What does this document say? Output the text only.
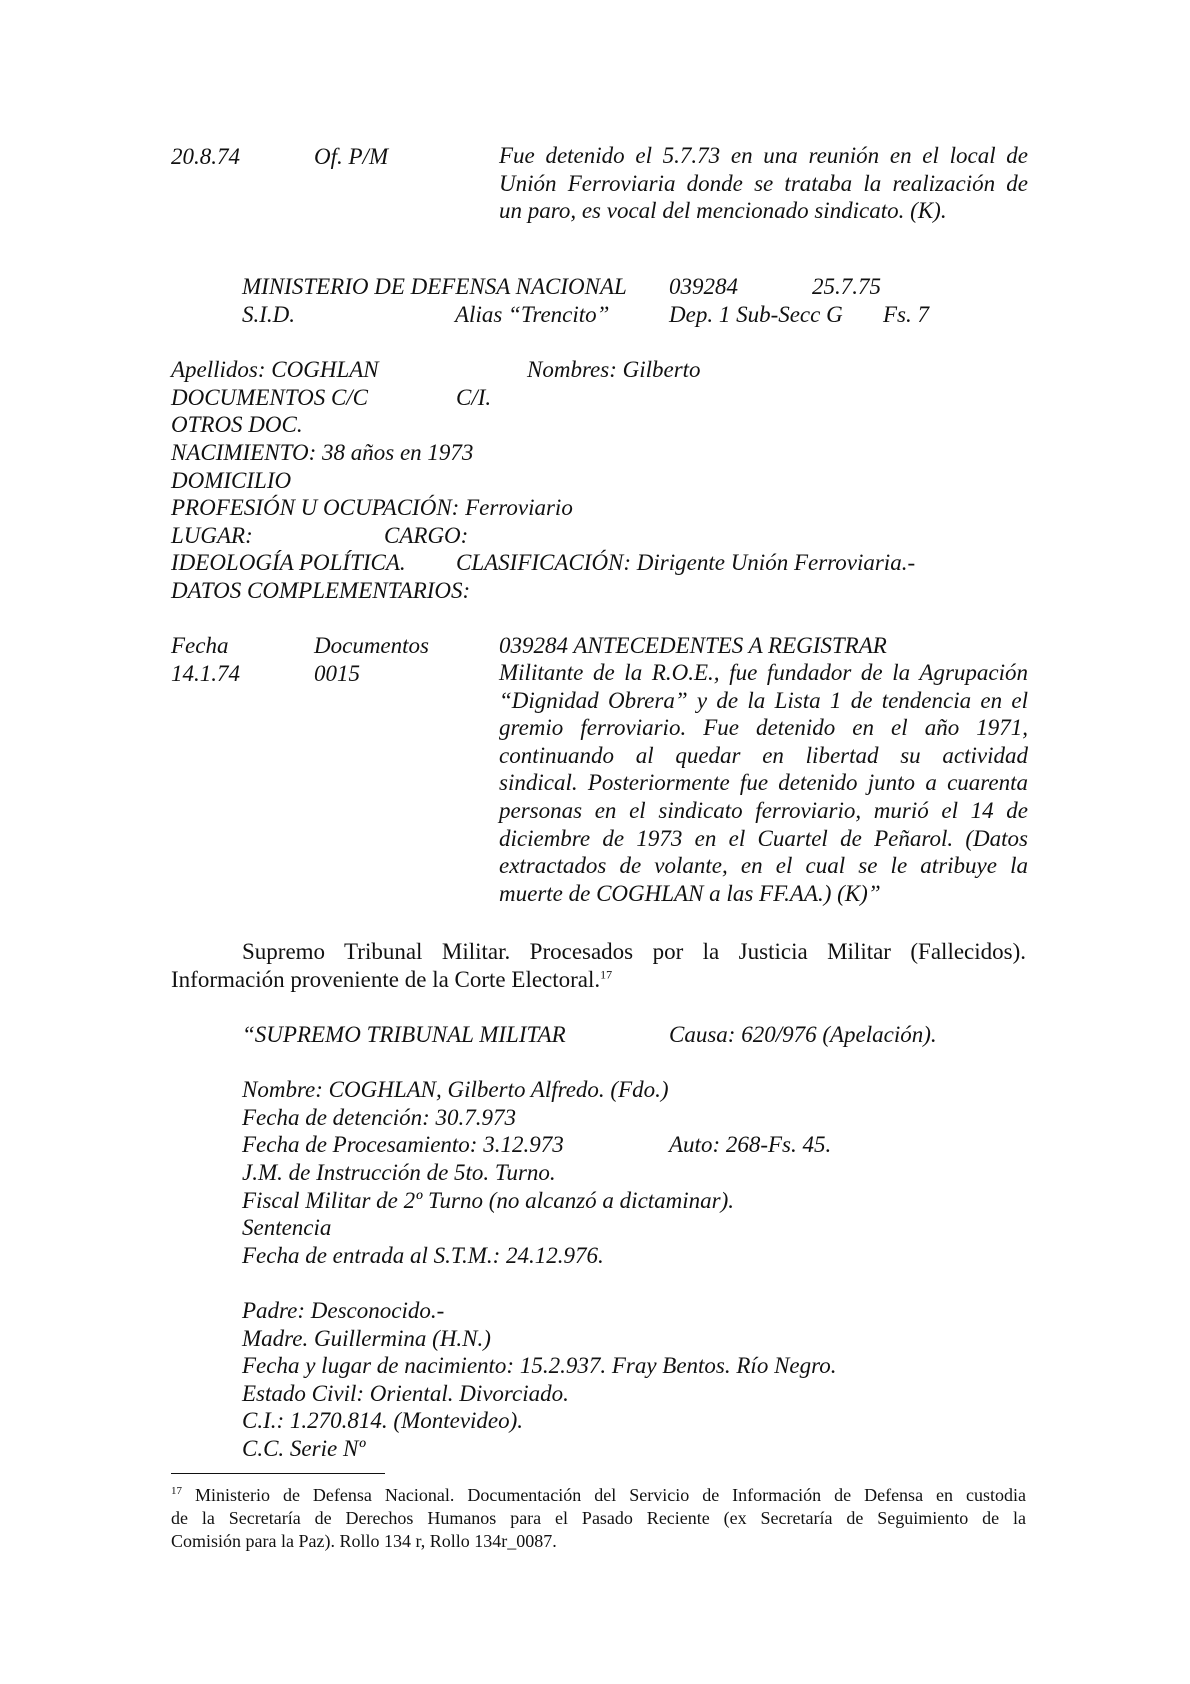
20.8.74	Of. P/M	Fue detenido el 5.7.73 en una reunión en el local de
Unión Ferroviaria donde se trataba la realización de
un paro, es vocal del mencionado sindicato. (K).
MINISTERIO DE DEFENSA NACIONAL 039284	25.7.75
S.I.D.	Alias “Trencito”	Dep. 1 Sub-Secc G Fs. 7
Apellidos: COGHLAN	Nombres: Gilberto
DOCUMENTOS C/C	C/I.
OTROS DOC.
NACIMIENTO: 38 años en 1973
DOMICILIO
PROFESIÓN U OCUPACIÓN: Ferroviario
LUGAR:	CARGO:
IDEOLOGÍA POLÍTICA. CLASIFICACIÓN: Dirigente Unión Ferroviaria.-
DATOS COMPLEMENTARIOS:
Fecha	Documentos	039284 ANTECEDENTES A REGISTRAR
14.1.74	0015	Militante de la R.O.E., fue fundador de la Agrupación
“Dignidad Obrera” y de la Lista 1 de tendencia en el
gremio ferroviario. Fue detenido en el año 1971,
continuando al quedar en libertad su actividad
sindical. Posteriormente fue detenido junto a cuarenta
personas en el sindicato ferroviario, murió el 14 de
diciembre de 1973 en el Cuartel de Peñarol. (Datos
extractados de volante, en el cual se le atribuye la
muerte de COGHLAN a las FF.AA.) (K)”
Supremo Tribunal Militar. Procesados por la Justicia Militar (Fallecidos).
Información proveniente de la Corte Electoral.$^{17}$
“SUPREMO TRIBUNAL MILITAR	Causa: 620/976 (Apelación).
Nombre: COGHLAN, Gilberto Alfredo. (Fdo.)
Fecha de detención: 30.7.973
Fecha de Procesamiento: 3.12.973	Auto: 268-Fs. 45.
J.M. de Instrucción de 5to. Turno.
Fiscal Militar de 2º Turno (no alcanzó a dictaminar).
Sentencia
Fecha de entrada al S.T.M.: 24.12.976.
Padre: Desconocido.-
Madre. Guillermina (H.N.)
Fecha y lugar de nacimiento: 15.2.937. Fray Bentos. Río Negro.
Estado Civil: Oriental. Divorciado.
C.I.: 1.270.814. (Montevideo).
C.C. Serie Nº
$^{17}$ Ministerio de Defensa Nacional. Documentación del Servicio de Información de Defensa en custodia
de la Secretaría de Derechos Humanos para el Pasado Reciente (ex Secretaría de Seguimiento de la
Comisión para la Paz). Rollo 134 r, Rollo 134r_0087.
